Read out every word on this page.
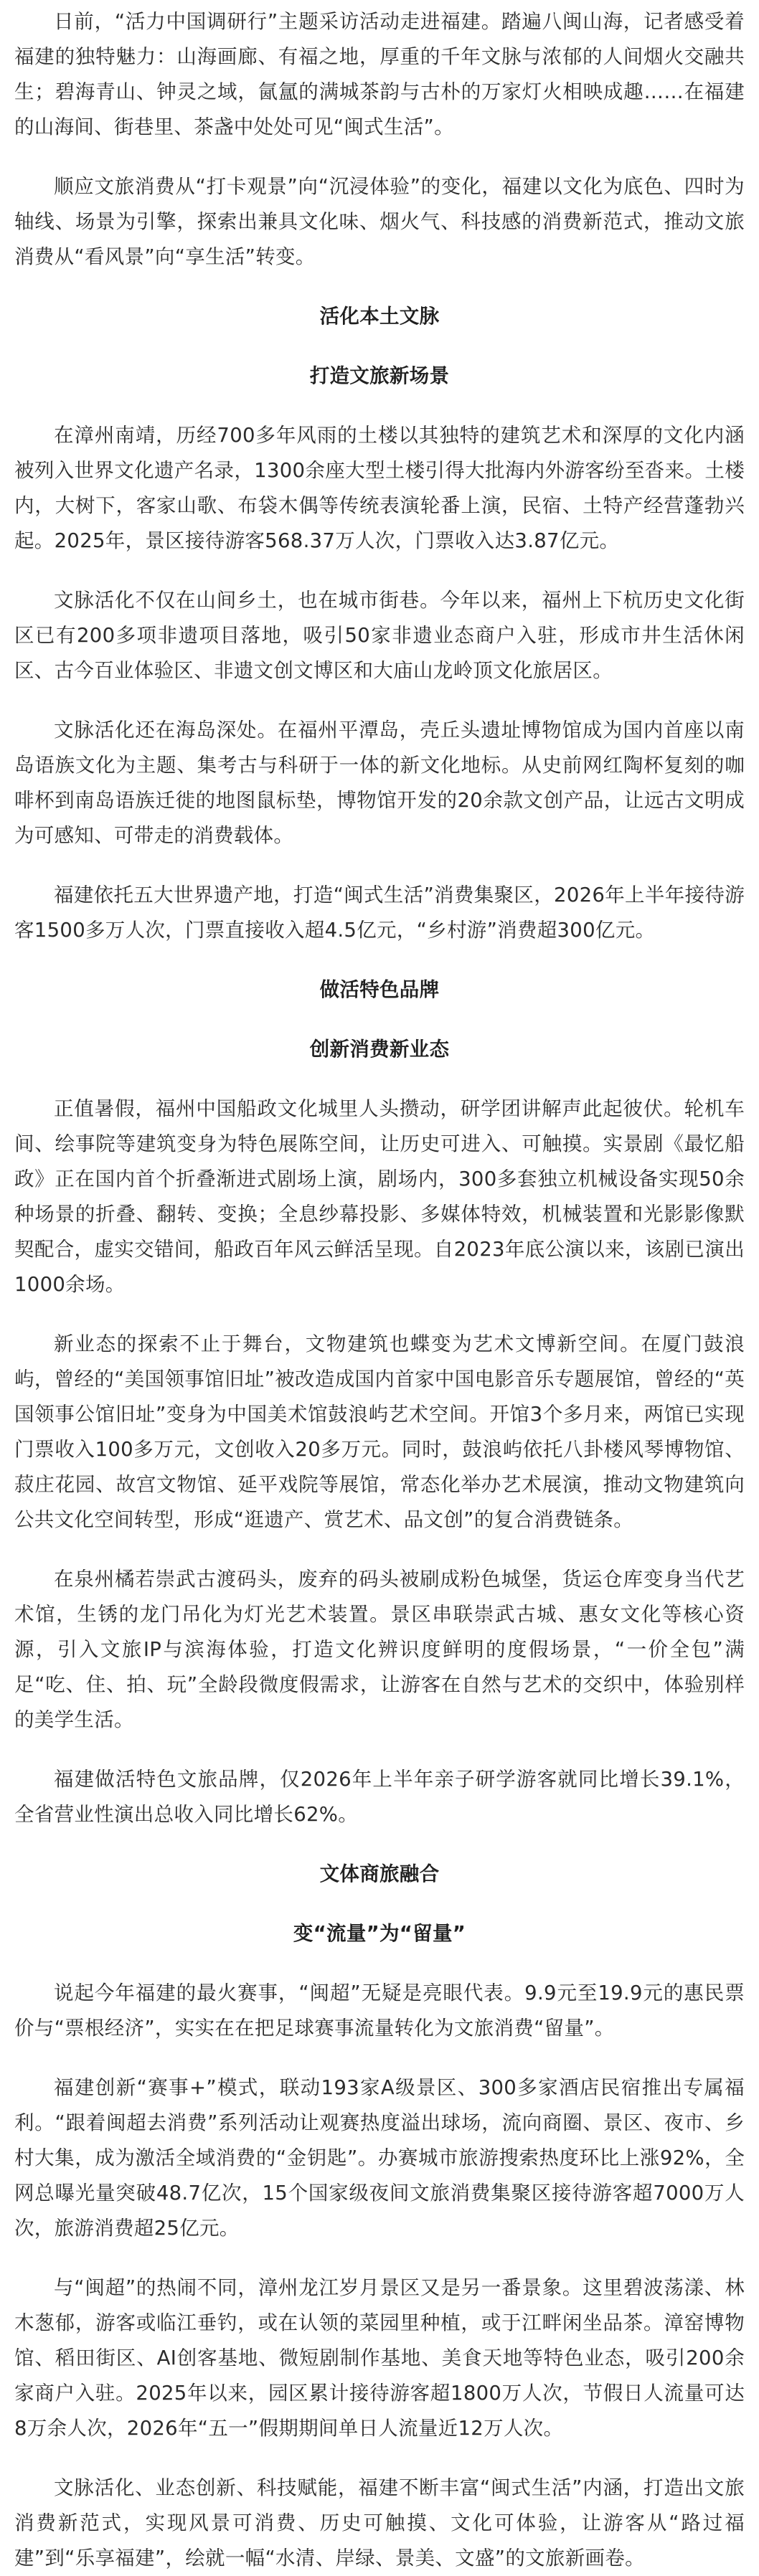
日前，“活力中国调研行”主题采访活动走进福建。踏遍八闽山海，记者感受着福建的独特魅力：山海画廊、有福之地，厚重的千年文脉与浓郁的人间烟火交融共生；碧海青山、钟灵之域，氤氲的满城茶韵与古朴的万家灯火相映成趣……在福建的山海间、街巷里、茶盏中处处可见“闽式生活”。

顺应文旅消费从“打卡观景”向“沉浸体验”的变化，福建以文化为底色、四时为轴线、场景为引擎，探索出兼具文化味、烟火气、科技感的消费新范式，推动文旅消费从“看风景”向“享生活”转变。

活化本土文脉
打造文旅新场景

在漳州南靖，历经700多年风雨的土楼以其独特的建筑艺术和深厚的文化内涵被列入世界文化遗产名录，1300余座大型土楼引得大批海内外游客纷至沓来。土楼内，大树下，客家山歌、布袋木偶等传统表演轮番上演，民宿、土特产经营蓬勃兴起。2025年，景区接待游客568.37万人次，门票收入达3.87亿元。

文脉活化不仅在山间乡土，也在城市街巷。今年以来，福州上下杭历史文化街区已有200多项非遗项目落地，吸引50家非遗业态商户入驻，形成市井生活休闲区、古今百业体验区、非遗文创文博区和大庙山龙岭顶文化旅居区。

文脉活化还在海岛深处。在福州平潭岛，壳丘头遗址博物馆成为国内首座以南岛语族文化为主题、集考古与科研于一体的新文化地标。从史前网红陶杯复刻的咖啡杯到南岛语族迁徙的地图鼠标垫，博物馆开发的20余款文创产品，让远古文明成为可感知、可带走的消费载体。

福建依托五大世界遗产地，打造“闽式生活”消费集聚区，2026年上半年接待游客1500多万人次，门票直接收入超4.5亿元，“乡村游”消费超300亿元。

做活特色品牌
创新消费新业态

正值暑假，福州中国船政文化城里人头攒动，研学团讲解声此起彼伏。轮机车间、绘事院等建筑变身为特色展陈空间，让历史可进入、可触摸。实景剧《最忆船政》正在国内首个折叠渐进式剧场上演，剧场内，300多套独立机械设备实现50余种场景的折叠、翻转、变换；全息纱幕投影、多媒体特效，机械装置和光影影像默契配合，虚实交错间，船政百年风云鲜活呈现。自2023年底公演以来，该剧已演出1000余场。

新业态的探索不止于舞台，文物建筑也蝶变为艺术文博新空间。在厦门鼓浪屿，曾经的“美国领事馆旧址”被改造成国内首家中国电影音乐专题展馆，曾经的“英国领事公馆旧址”变身为中国美术馆鼓浪屿艺术空间。开馆3个多月来，两馆已实现门票收入100多万元，文创收入20多万元。同时，鼓浪屿依托八卦楼风琴博物馆、菽庄花园、故宫文物馆、延平戏院等展馆，常态化举办艺术展演，推动文物建筑向公共文化空间转型，形成“逛遗产、赏艺术、品文创”的复合消费链条。

在泉州橘若崇武古渡码头，废弃的码头被刷成粉色城堡，货运仓库变身当代艺术馆，生锈的龙门吊化为灯光艺术装置。景区串联崇武古城、惠女文化等核心资源，引入文旅IP与滨海体验，打造文化辨识度鲜明的度假场景，“一价全包”满足“吃、住、拍、玩”全龄段微度假需求，让游客在自然与艺术的交织中，体验别样的美学生活。

福建做活特色文旅品牌，仅2026年上半年亲子研学游客就同比增长39.1%，全省营业性演出总收入同比增长62%。

文体商旅融合
变“流量”为“留量”

说起今年福建的最火赛事，“闽超”无疑是亮眼代表。9.9元至19.9元的惠民票价与“票根经济”，实实在在把足球赛事流量转化为文旅消费“留量”。

福建创新“赛事+”模式，联动193家A级景区、300多家酒店民宿推出专属福利。“跟着闽超去消费”系列活动让观赛热度溢出球场，流向商圈、景区、夜市、乡村大集，成为激活全域消费的“金钥匙”。办赛城市旅游搜索热度环比上涨92%，全网总曝光量突破48.7亿次，15个国家级夜间文旅消费集聚区接待游客超7000万人次，旅游消费超25亿元。

与“闽超”的热闹不同，漳州龙江岁月景区又是另一番景象。这里碧波荡漾、林木葱郁，游客或临江垂钓，或在认领的菜园里种植，或于江畔闲坐品茶。漳窑博物馆、稻田街区、AI创客基地、微短剧制作基地、美食天地等特色业态，吸引200余家商户入驻。2025年以来，园区累计接待游客超1800万人次，节假日人流量可达8万余人次，2026年“五一”假期期间单日人流量近12万人次。

文脉活化、业态创新、科技赋能，福建不断丰富“闽式生活”内涵，打造出文旅消费新范式，实现风景可消费、历史可触摸、文化可体验，让游客从“路过福建”到“乐享福建”，绘就一幅“水清、岸绿、景美、文盛”的文旅新画卷。
